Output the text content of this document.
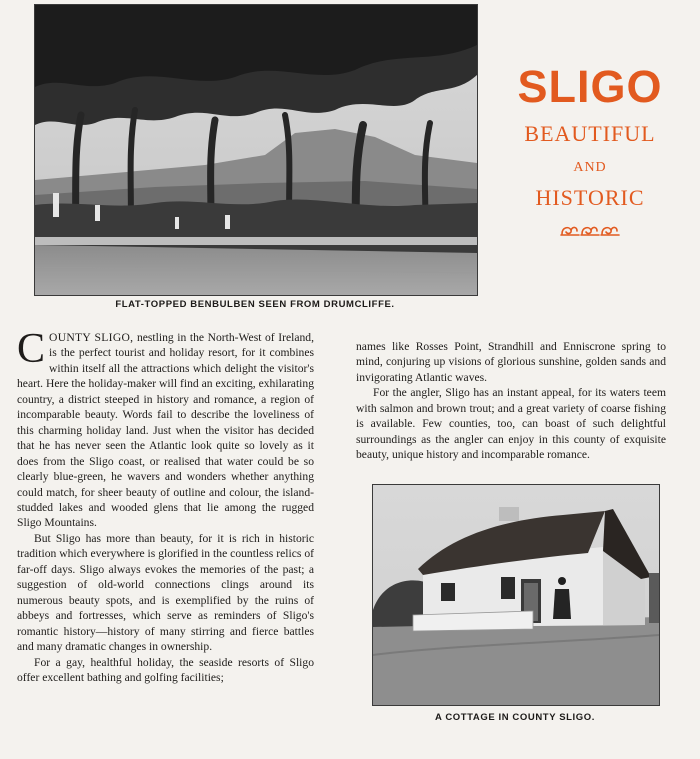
FLAT-TOPPED BENBULBEN SEEN FROM DRUMCLIFFE.
SLIGO
BEAUTIFUL
AND
HISTORIC

COUNTY SLIGO, nestling in the North-West of Ireland, is the perfect tourist and holiday resort, for it combines within itself all the attractions which delight the visitor's heart. Here the holiday-maker will find an exciting, exhilarating country, a district steeped in history and romance, a region of incomparable beauty. Words fail to describe the loveliness of this charming holiday land. Just when the visitor has decided that he has never seen the Atlantic look quite so lovely as it does from the Sligo coast, or realised that water could be so clearly blue-green, he wavers and wonders whether anything could match, for sheer beauty of outline and colour, the island-studded lakes and wooded glens that lie among the rugged Sligo Mountains.

But Sligo has more than beauty, for it is rich in historic tradition which everywhere is glorified in the countless relics of far-off days. Sligo always evokes the memories of the past; a suggestion of old-world connections clings around its numerous beauty spots, and is exemplified by the ruins of abbeys and fortresses, which serve as reminders of Sligo's romantic history—history of many stirring and fierce battles and many dramatic changes in ownership.

For a gay, healthful holiday, the seaside resorts of Sligo offer excellent bathing and golfing facilities;

names like Rosses Point, Strandhill and Enniscrone spring to mind, conjuring up visions of glorious sunshine, golden sands and invigorating Atlantic waves.

For the angler, Sligo has an instant appeal, for its waters teem with salmon and brown trout; and a great variety of coarse fishing is available. Few counties, too, can boast of such delightful surroundings as the angler can enjoy in this county of exquisite beauty, unique history and incomparable romance.

A COTTAGE IN COUNTY SLIGO.
